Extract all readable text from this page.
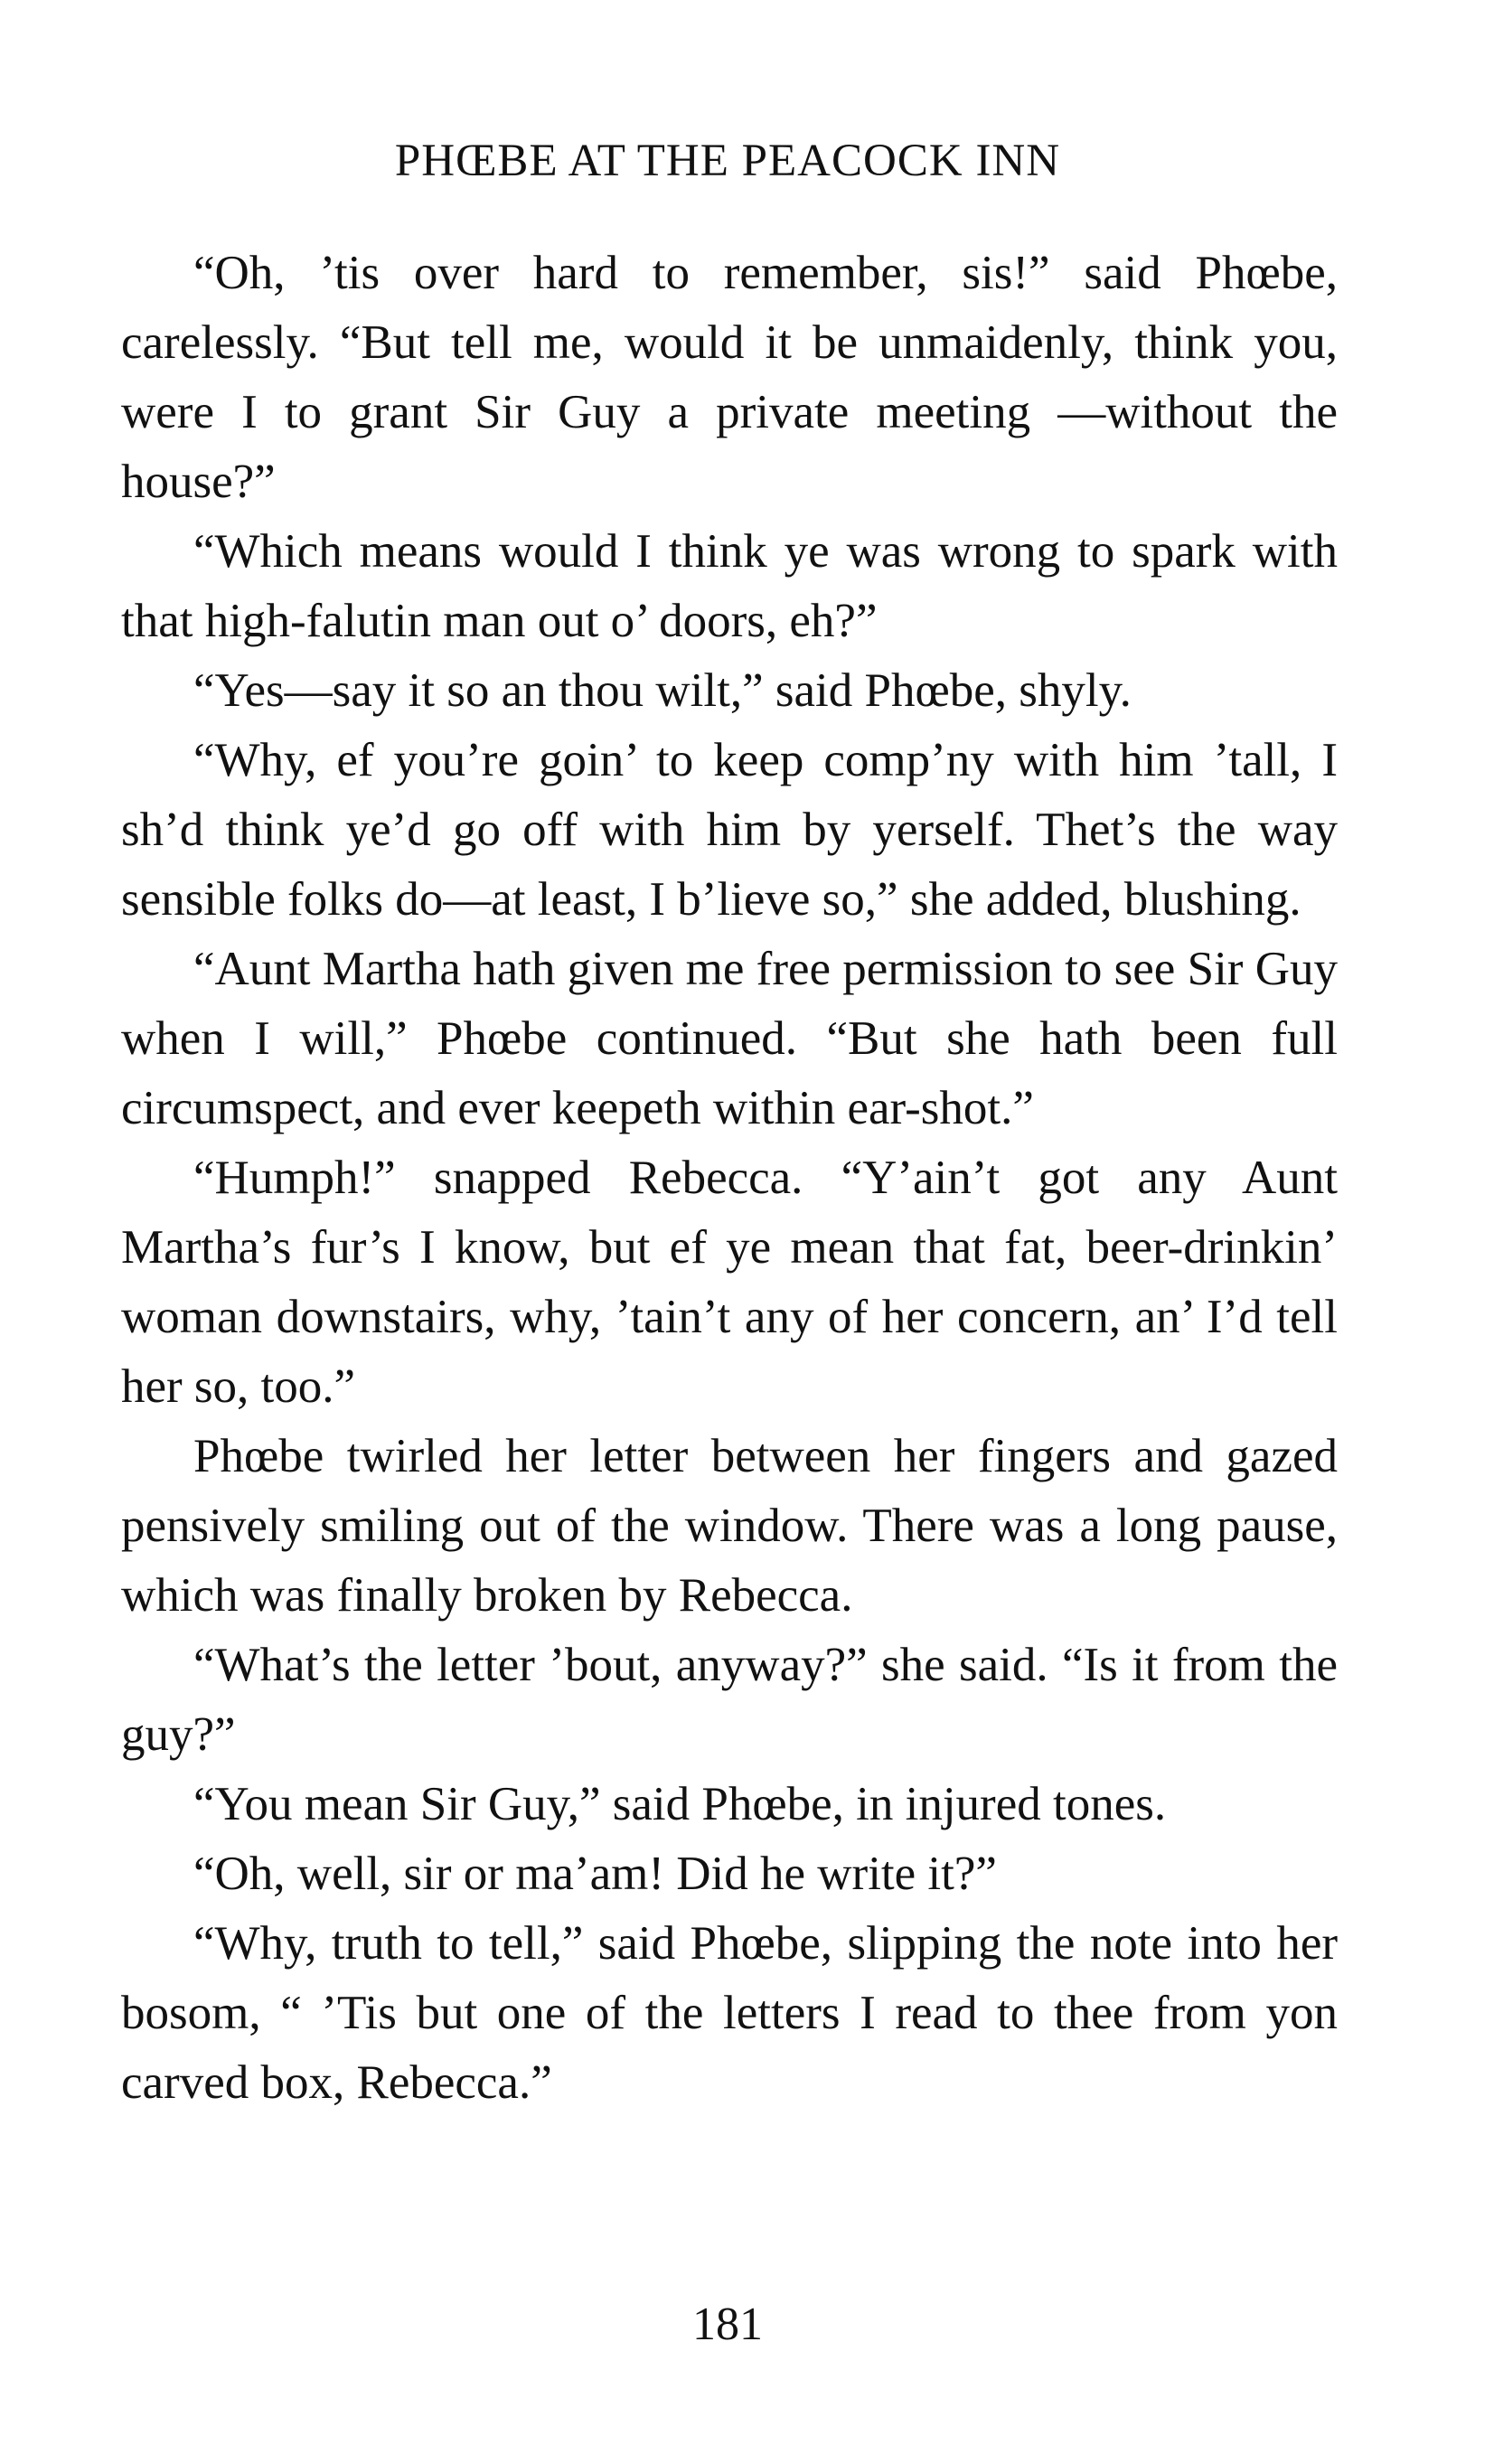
PHŒBE AT THE PEACOCK INN

“Oh, ’tis over hard to remember, sis!” said Phœbe, carelessly. “But tell me, would it be unmaidenly, think you, were I to grant Sir Guy a private meeting —without the house?”

“Which means would I think ye was wrong to spark with that high-falutin man out o’ doors, eh?”

“Yes—say it so an thou wilt,” said Phœbe, shyly.

“Why, ef you’re goin’ to keep comp’ny with him ’tall, I sh’d think ye’d go off with him by yerself. Thet’s the way sensible folks do—at least, I b’lieve so,” she added, blushing.

“Aunt Martha hath given me free permission to see Sir Guy when I will,” Phœbe continued. “But she hath been full circumspect, and ever keepeth within ear-shot.”

“Humph!” snapped Rebecca. “Y’ain’t got any Aunt Martha’s fur’s I know, but ef ye mean that fat, beer-drinkin’ woman downstairs, why, ’tain’t any of her concern, an’ I’d tell her so, too.”

Phœbe twirled her letter between her fingers and gazed pensively smiling out of the window. There was a long pause, which was finally broken by Rebecca.

“What’s the letter ’bout, anyway?” she said. “Is it from the guy?”

“You mean Sir Guy,” said Phœbe, in injured tones.

“Oh, well, sir or ma’am! Did he write it?”

“Why, truth to tell,” said Phœbe, slipping the note into her bosom, “ ’Tis but one of the letters I read to thee from yon carved box, Rebecca.”

181
